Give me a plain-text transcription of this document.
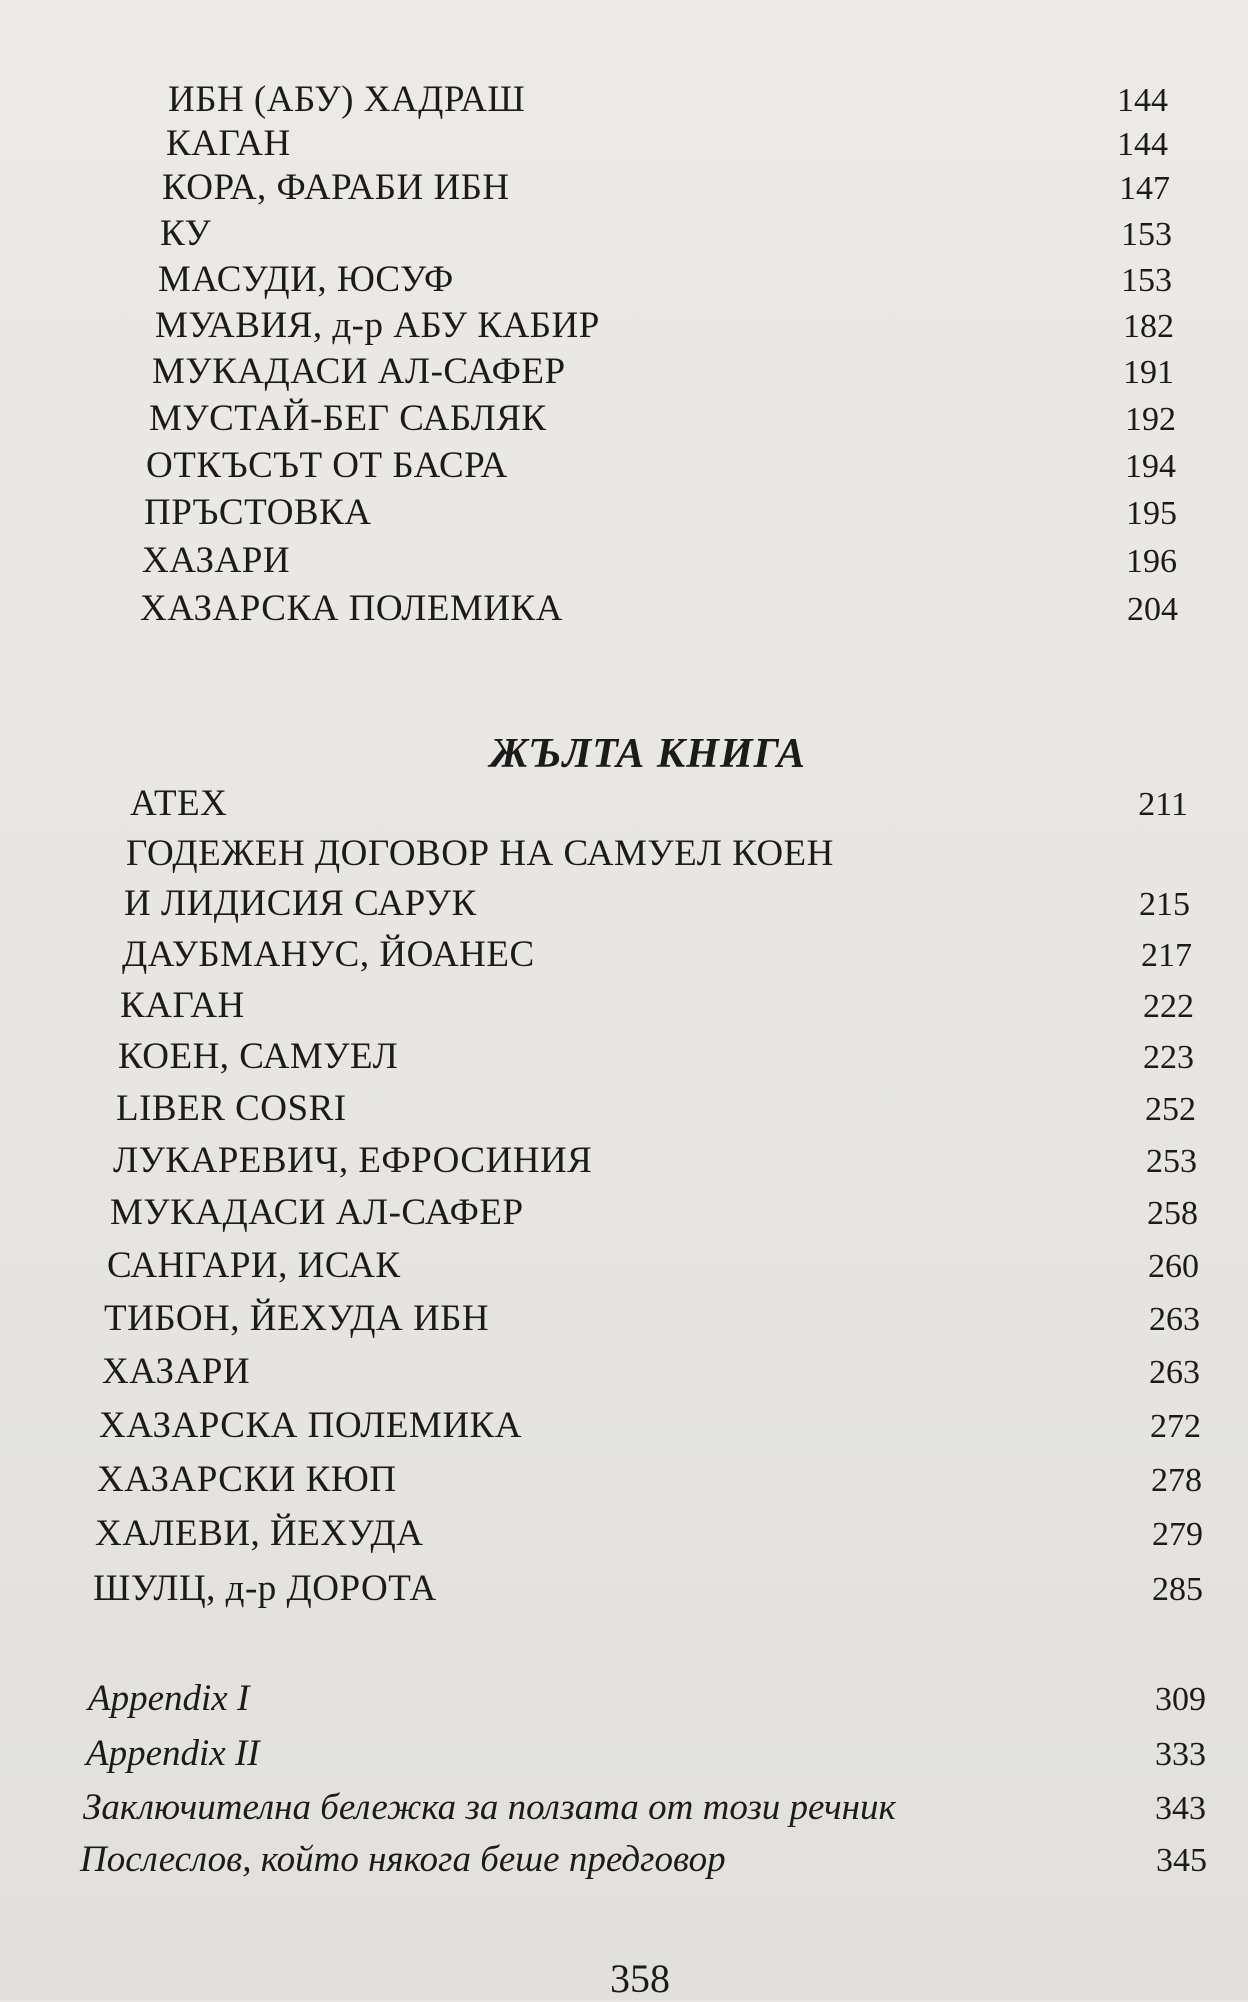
ИБН (АБУ) ХАДРАШ	144
КАГАН	144
КОРА, ФАРАБИ ИБН	147
КУ	153
МАСУДИ, ЮСУФ	153
МУАВИЯ, д-р АБУ КАБИР	182
МУКАДАСИ АЛ-САФЕР	191
МУСТАЙ-БЕГ САБЛЯК	192
ОТКЪСЪТ ОТ БАСРА	194
ПРЪСТОВКА	195
ХАЗАРИ	196
ХАЗАРСКА ПОЛЕМИКА	204
ЖЪЛТА КНИГА
АТЕХ	211
ГОДЕЖЕН ДОГОВОР НА САМУЕЛ КОЕН
И ЛИДИСИЯ САРУК	215
ДАУБМАНУС, ЙОАНЕС	217
КАГАН	222
КОЕН, САМУЕЛ	223
LIBER COSRI	252
ЛУКАРЕВИЧ, ЕФРОСИНИЯ	253
МУКАДАСИ АЛ-САФЕР	258
САНГАРИ, ИСАК	260
ТИБОН, ЙЕХУДА ИБН	263
ХАЗАРИ	263
ХАЗАРСКА ПОЛЕМИКА	272
ХАЗАРСКИ КЮП	278
ХАЛЕВИ, ЙЕХУДА	279
ШУЛЦ, д-р ДОРОТА	285
Appendix I	309
Appendix II	333
Заключителна бележка за ползата от този речник	343
Послеслов, който някога беше предговор	345
358
